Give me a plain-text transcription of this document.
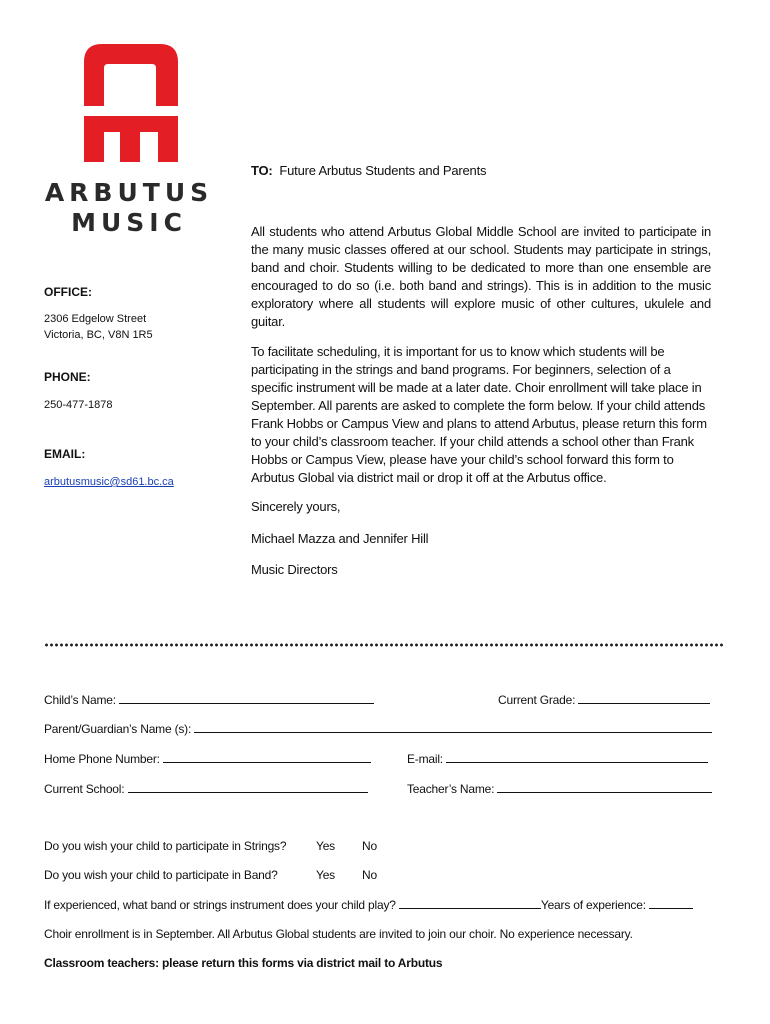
ARBUTUS
MUSIC
OFFICE:
2306 Edgelow Street
Victoria, BC, V8N 1R5
PHONE:
250-477-1878
EMAIL:
arbutusmusic@sd61.bc.ca
TO: Future Arbutus Students and Parents
All students who attend Arbutus Global Middle School are invited to participate in the many music classes offered at our school. Students may participate in strings, band and choir. Students willing to be dedicated to more than one ensemble are encouraged to do so (i.e. both band and strings). This is in addition to the music exploratory where all students will explore music of other cultures, ukulele and guitar.
To facilitate scheduling, it is important for us to know which students will be participating in the strings and band programs. For beginners, selection of a specific instrument will be made at a later date. Choir enrollment will take place in September. All parents are asked to complete the form below. If your child attends Frank Hobbs or Campus View and plans to attend Arbutus, please return this form to your child’s classroom teacher. If your child attends a school other than Frank Hobbs or Campus View, please have your child’s school forward this form to Arbutus Global via district mail or drop it off at the Arbutus office.
Sincerely yours,
Michael Mazza and Jennifer Hill
Music Directors
Child’s Name:	Current Grade:
Parent/Guardian’s Name (s):
Home Phone Number:	E-mail:
Current School:	Teacher’s Name:
Do you wish your child to participate in Strings? Yes No
Do you wish your child to participate in Band?	Yes No
If experienced, what band or strings instrument does your child play?	Years of experience:
Choir enrollment is in September. All Arbutus Global students are invited to join our choir. No experience necessary.
Classroom teachers: please return this forms via district mail to Arbutus
